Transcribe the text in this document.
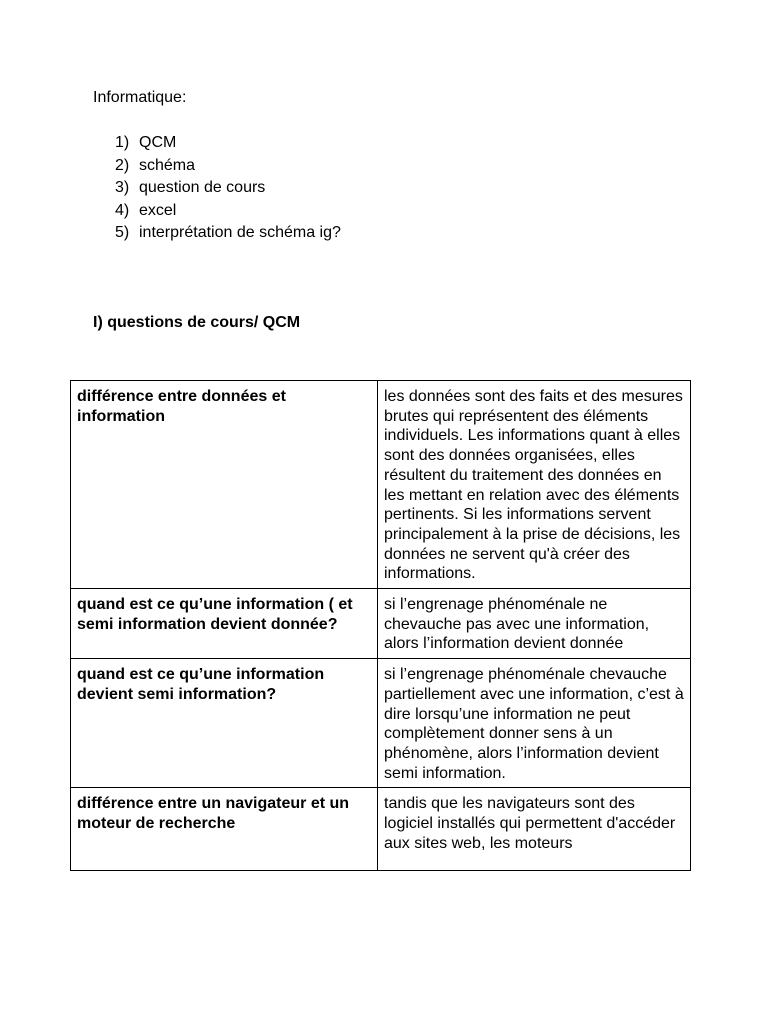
Informatique:
1) QCM
2) schéma
3) question de cours
4) excel
5) interprétation de schéma ig?
I) questions de cours/ QCM
différence entre données et information	les données sont des faits et des mesures brutes qui représentent des éléments individuels. Les informations quant à elles sont des données organisées, elles résultent du traitement des données en les mettant en relation avec des éléments pertinents. Si les informations servent principalement à la prise de décisions, les données ne servent qu'à créer des informations.
quand est ce qu’une information ( et semi information devient donnée?	si l’engrenage phénoménale ne chevauche pas avec une information, alors l’information devient donnée
quand est ce qu’une information devient semi information?	si l’engrenage phénoménale chevauche partiellement avec une information, c’est à dire lorsqu’une information ne peut complètement donner sens à un phénomène, alors l’information devient semi information.
différence entre un navigateur et un moteur de recherche	tandis que les navigateurs sont des logiciel installés qui permettent d'accéder aux sites web, les moteurs
